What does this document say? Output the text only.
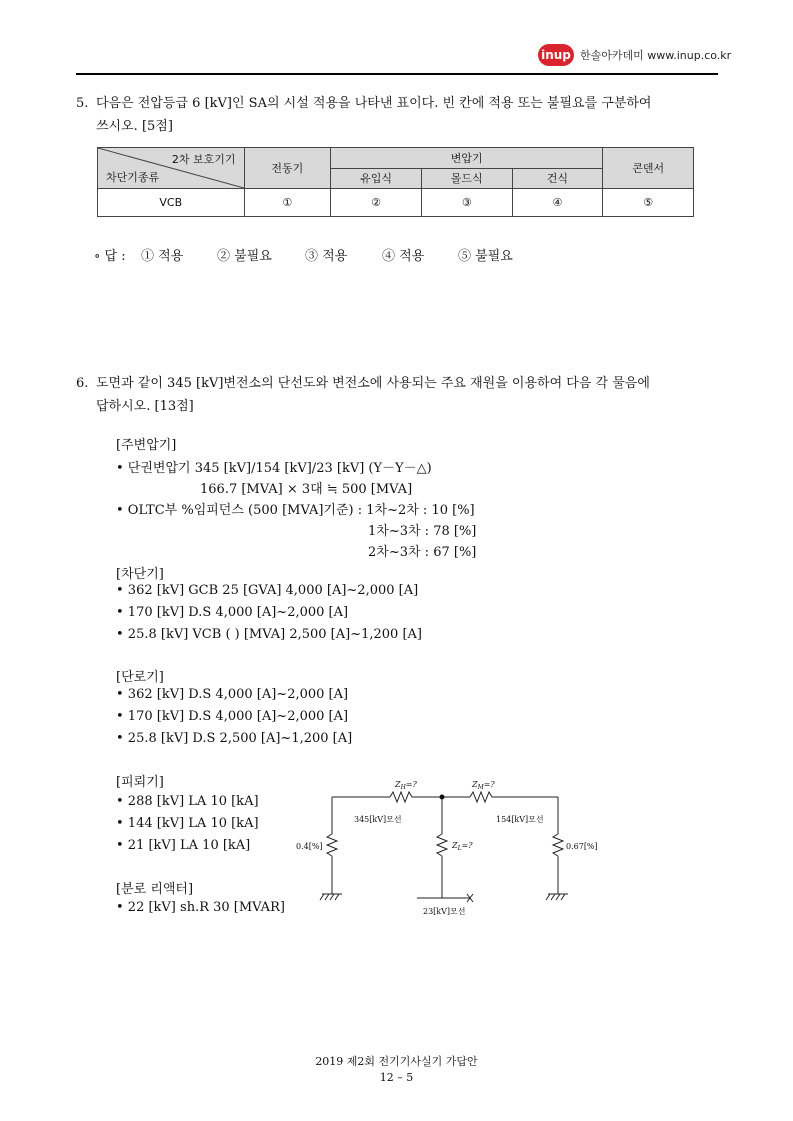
inup 한솔아카데미 www.inup.co.kr
5. 다음은 전압등급 6 [kV]인 SA의 시설 적용을 나타낸 표이다. 빈 칸에 적용 또는 불필요를 구분하여
쓰시오. [5점]
2차 보호기기
차단기종류	전동기	변압기			콘덴서
		유입식	몰드식	건식	
VCB	①	②	③	④	⑤
∘ 답 : ① 적용	② 불필요	③ 적용	④ 적용	⑤ 불필요
6. 도면과 같이 345 [kV]변전소의 단선도와 변전소에 사용되는 주요 재원을 이용하여 다음 각 물음에
답하시오. [13점]
[주변압기]
• 단권변압기 345 [kV]/154 [kV]/23 [kV] (Y－Y－△)
166.7 [MVA] × 3대 ≒ 500 [MVA]
• OLTC부 %임피던스 (500 [MVA]기준) : 1차~2차 : 10 [%]
1차~3차 : 78 [%]
2차~3차 : 67 [%]
[차단기]
• 362 [kV] GCB 25 [GVA] 4,000 [A]~2,000 [A]
• 170 [kV] D.S 4,000 [A]~2,000 [A]
• 25.8 [kV] VCB ( ) [MVA] 2,500 [A]~1,200 [A]
[단로기]
• 362 [kV] D.S 4,000 [A]~2,000 [A]
• 170 [kV] D.S 4,000 [A]~2,000 [A]
• 25.8 [kV] D.S 2,500 [A]~1,200 [A]
[피뢰기]
• 288 [kV] LA 10 [kA]
• 144 [kV] LA 10 [kA]
• 21 [kV] LA 10 [kA]
[분로 리액터]
• 22 [kV] sh.R 30 [MVAR]
$Z_H=$?	$Z_M=$?
$Z_L=$?
345[kV]모선	154[kV]모선
23[kV]모선
0.4[%]	0.67[%]
2019 제2회 전기기사실기 가답안
12 – 5
